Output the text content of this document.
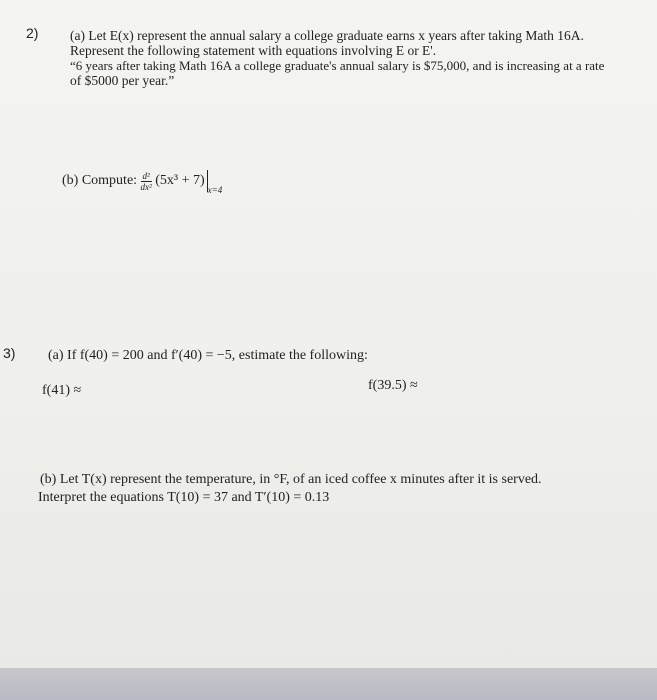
2) (a) Let E(x) represent the annual salary a college graduate earns x years after taking Math 16A.
Represent the following statement with equations involving E or E'.
“6 years after taking Math 16A a college graduate's annual salary is $75,000, and is increasing at a rate
of $5000 per year.”
(b) Compute: $\frac{\text{d²}}{\text{dx²}} (5x^3 + 7)_{x=4}$
3) (a) If f(40) = 200 and f′(40) = −5, estimate the following:
f(41) ≈	f(39.5) ≈
(b) Let T(x) represent the temperature, in °F, of an iced coffee x minutes after it is served.
Interpret the equations T(10) = 37 and T′(10) = 0.13
